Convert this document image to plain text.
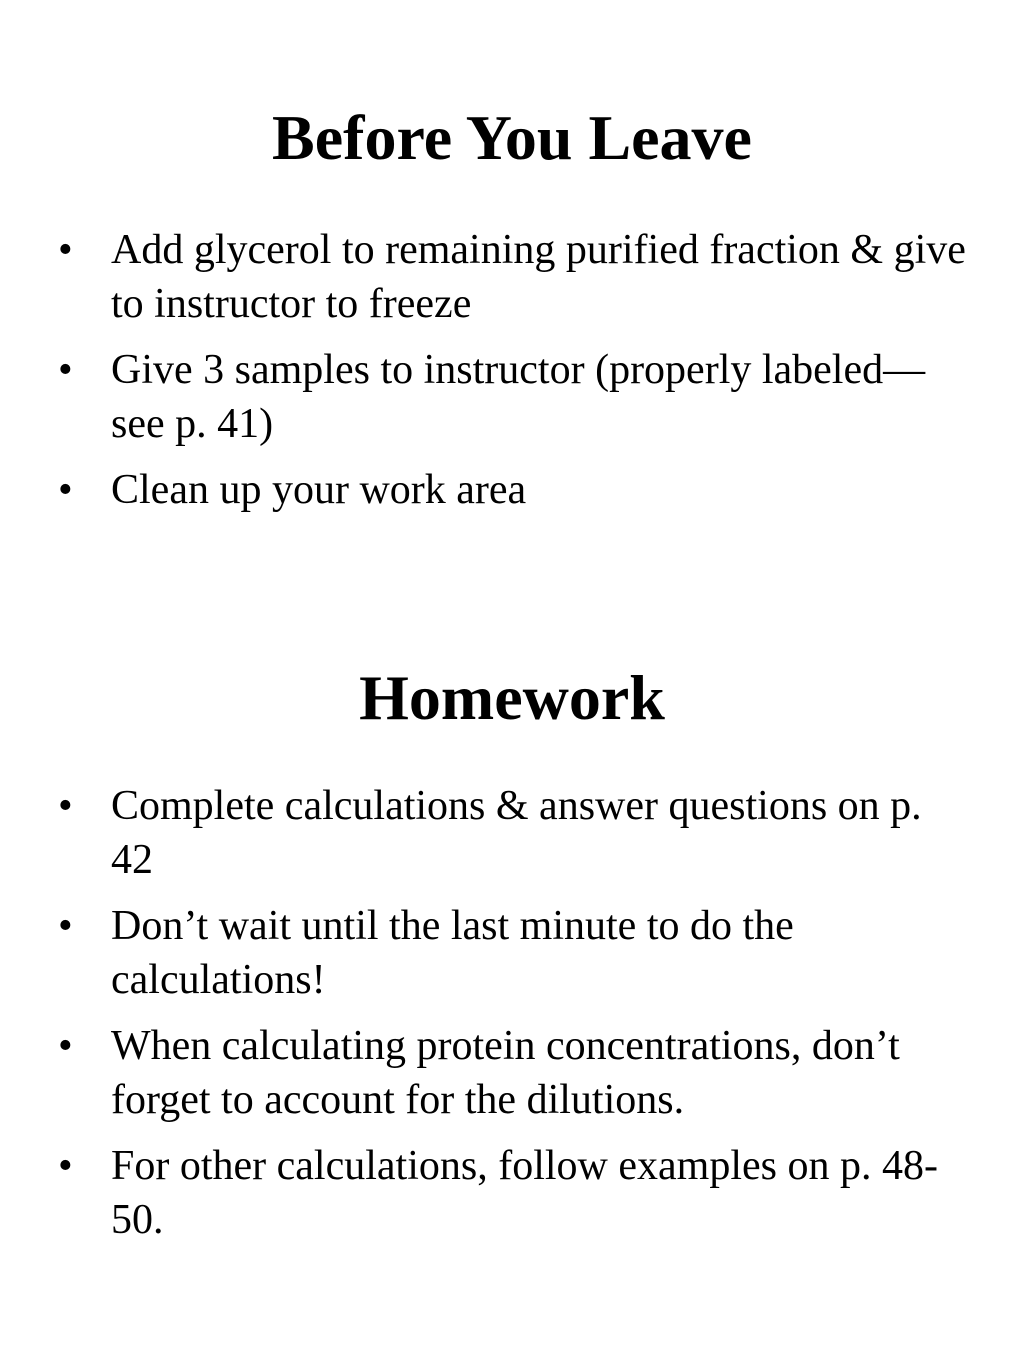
Before You Leave
• Add glycerol to remaining purified fraction & give to instructor to freeze
• Give 3 samples to instructor (properly labeled—see p. 41)
• Clean up your work area
Homework
• Complete calculations & answer questions on p. 42
• Don’t wait until the last minute to do the calculations!
• When calculating protein concentrations, don’t forget to account for the dilutions.
• For other calculations, follow examples on p. 48-50.
